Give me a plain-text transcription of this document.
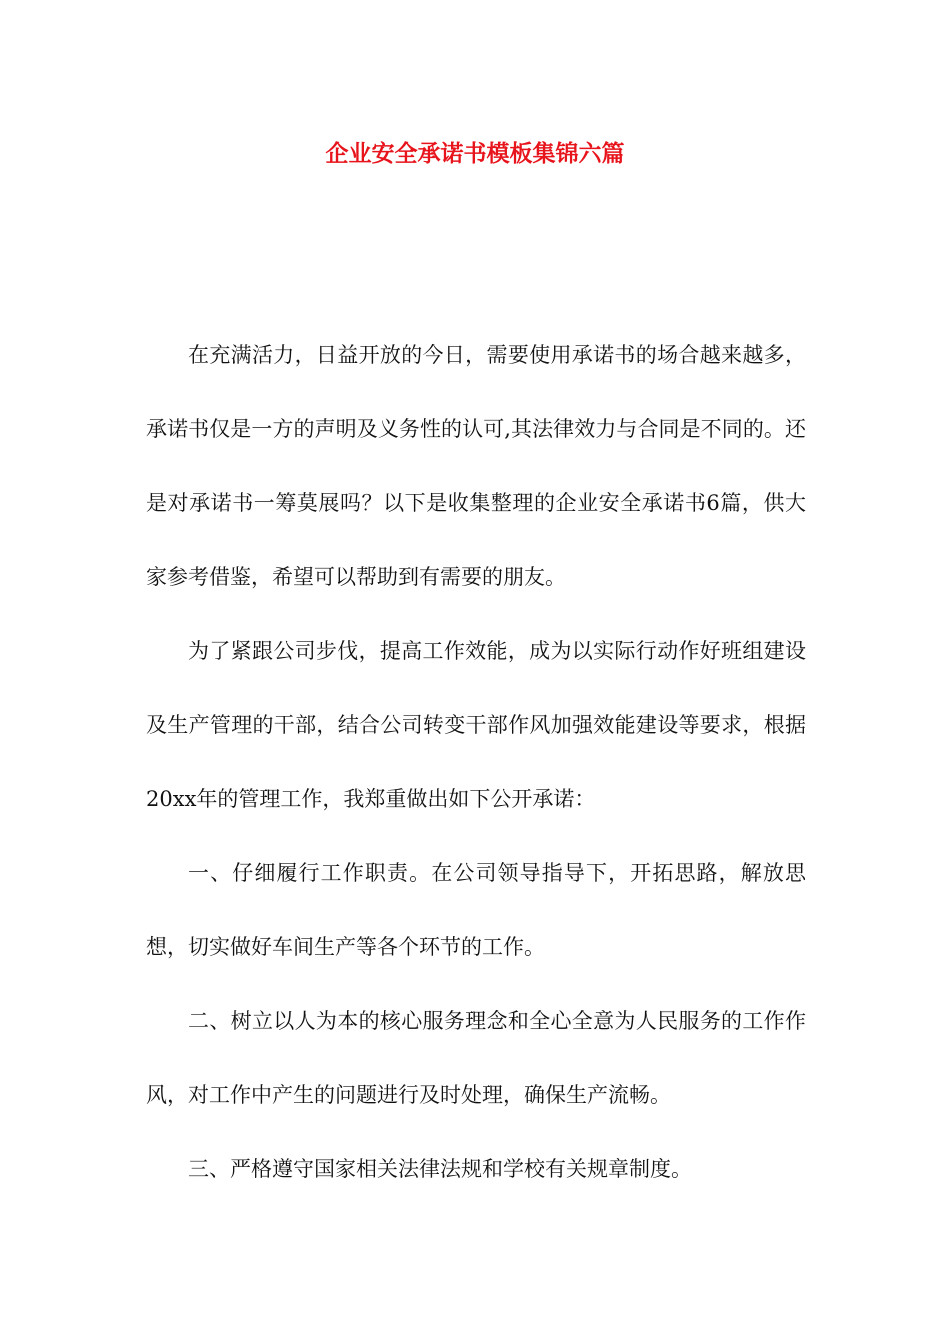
企业安全承诺书模板集锦六篇

在充满活力，日益开放的今日，需要使用承诺书的场合越来越多，承诺书仅是一方的声明及义务性的认可,其法律效力与合同是不同的。还是对承诺书一筹莫展吗？以下是收集整理的企业安全承诺书6篇，供大家参考借鉴，希望可以帮助到有需要的朋友。

为了紧跟公司步伐，提高工作效能，成为以实际行动作好班组建设及生产管理的干部，结合公司转变干部作风加强效能建设等要求，根据20xx年的管理工作，我郑重做出如下公开承诺：

一、仔细履行工作职责。在公司领导指导下，开拓思路，解放思想，切实做好车间生产等各个环节的工作。

二、树立以人为本的核心服务理念和全心全意为人民服务的工作作风，对工作中产生的问题进行及时处理，确保生产流畅。

三、严格遵守国家相关法律法规和学校有关规章制度。
